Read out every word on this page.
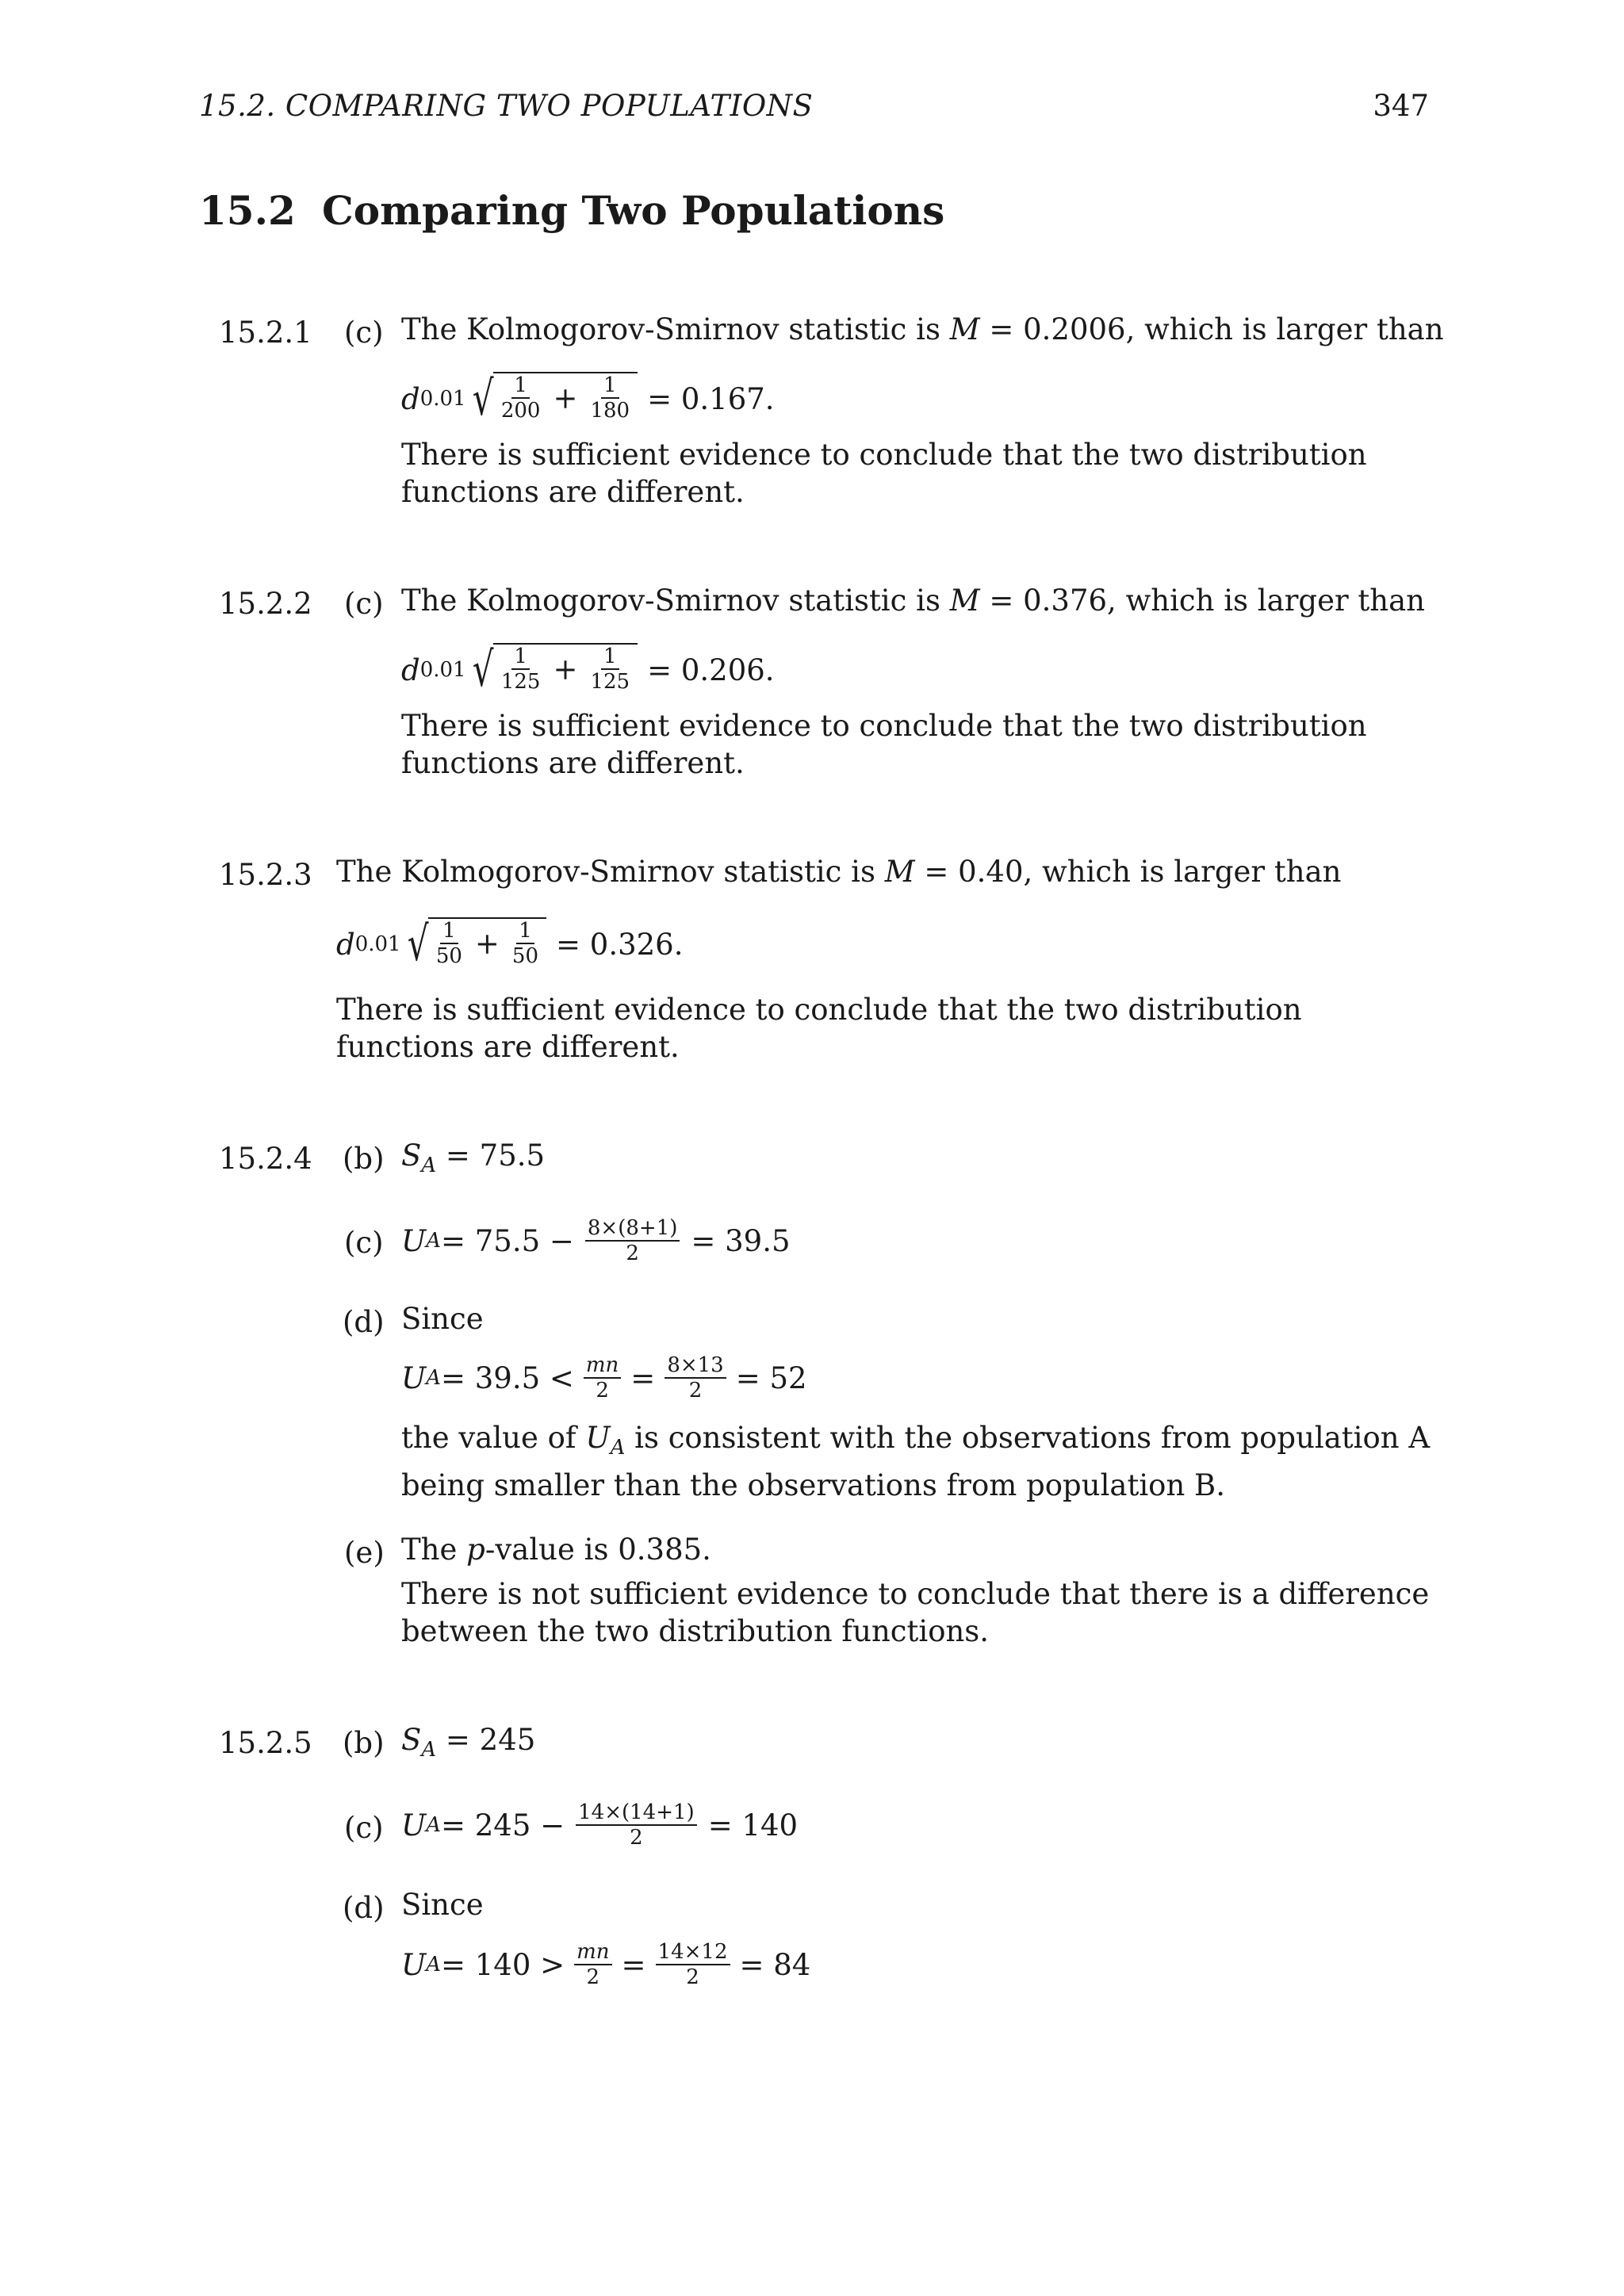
15.2. COMPARING TWO POPULATIONS	347
15.2 Comparing Two Populations
15.2.1 (c) The Kolmogorov-Smirnov statistic is M = 0.2006, which is larger than
d 0.01 √ $\frac{1}{200} + \frac{1}{180} = 0.167$.
There is sufficient evidence to conclude that the two distribution functions are different.
15.2.2 (c) The Kolmogorov-Smirnov statistic is M = 0.376, which is larger than
d 0.01 √ $\frac{1}{125} + \frac{1}{125} = 0.206$.
There is sufficient evidence to conclude that the two distribution functions are different.
15.2.3 The Kolmogorov-Smirnov statistic is M = 0.40, which is larger than
d 0.01 √ $\frac{1}{50} + \frac{1}{50} = 0.326$.
There is sufficient evidence to conclude that the two distribution functions are different.
15.2.4 (b) $S_A = 75.5$
(c) U $A = 75.5 - \frac{8\times(8+1)}{2} = 39.5$
(d) Since
U $A = 39.5 < \frac{mn}{2} = \frac{8\times 13}{2} = 52$
the value of $U_A$ is consistent with the observations from population A being smaller than the observations from population B.
(e) The p-value is 0.385.
There is not sufficient evidence to conclude that there is a difference between the two distribution functions.
15.2.5 (b) $S_A = 245$
(c) U $A = 245 - \frac{14\times(14+1)}{2} = 140$
(d) Since
U $A = 140 > \frac{mn}{2} = \frac{14\times 12}{2} = 84$
